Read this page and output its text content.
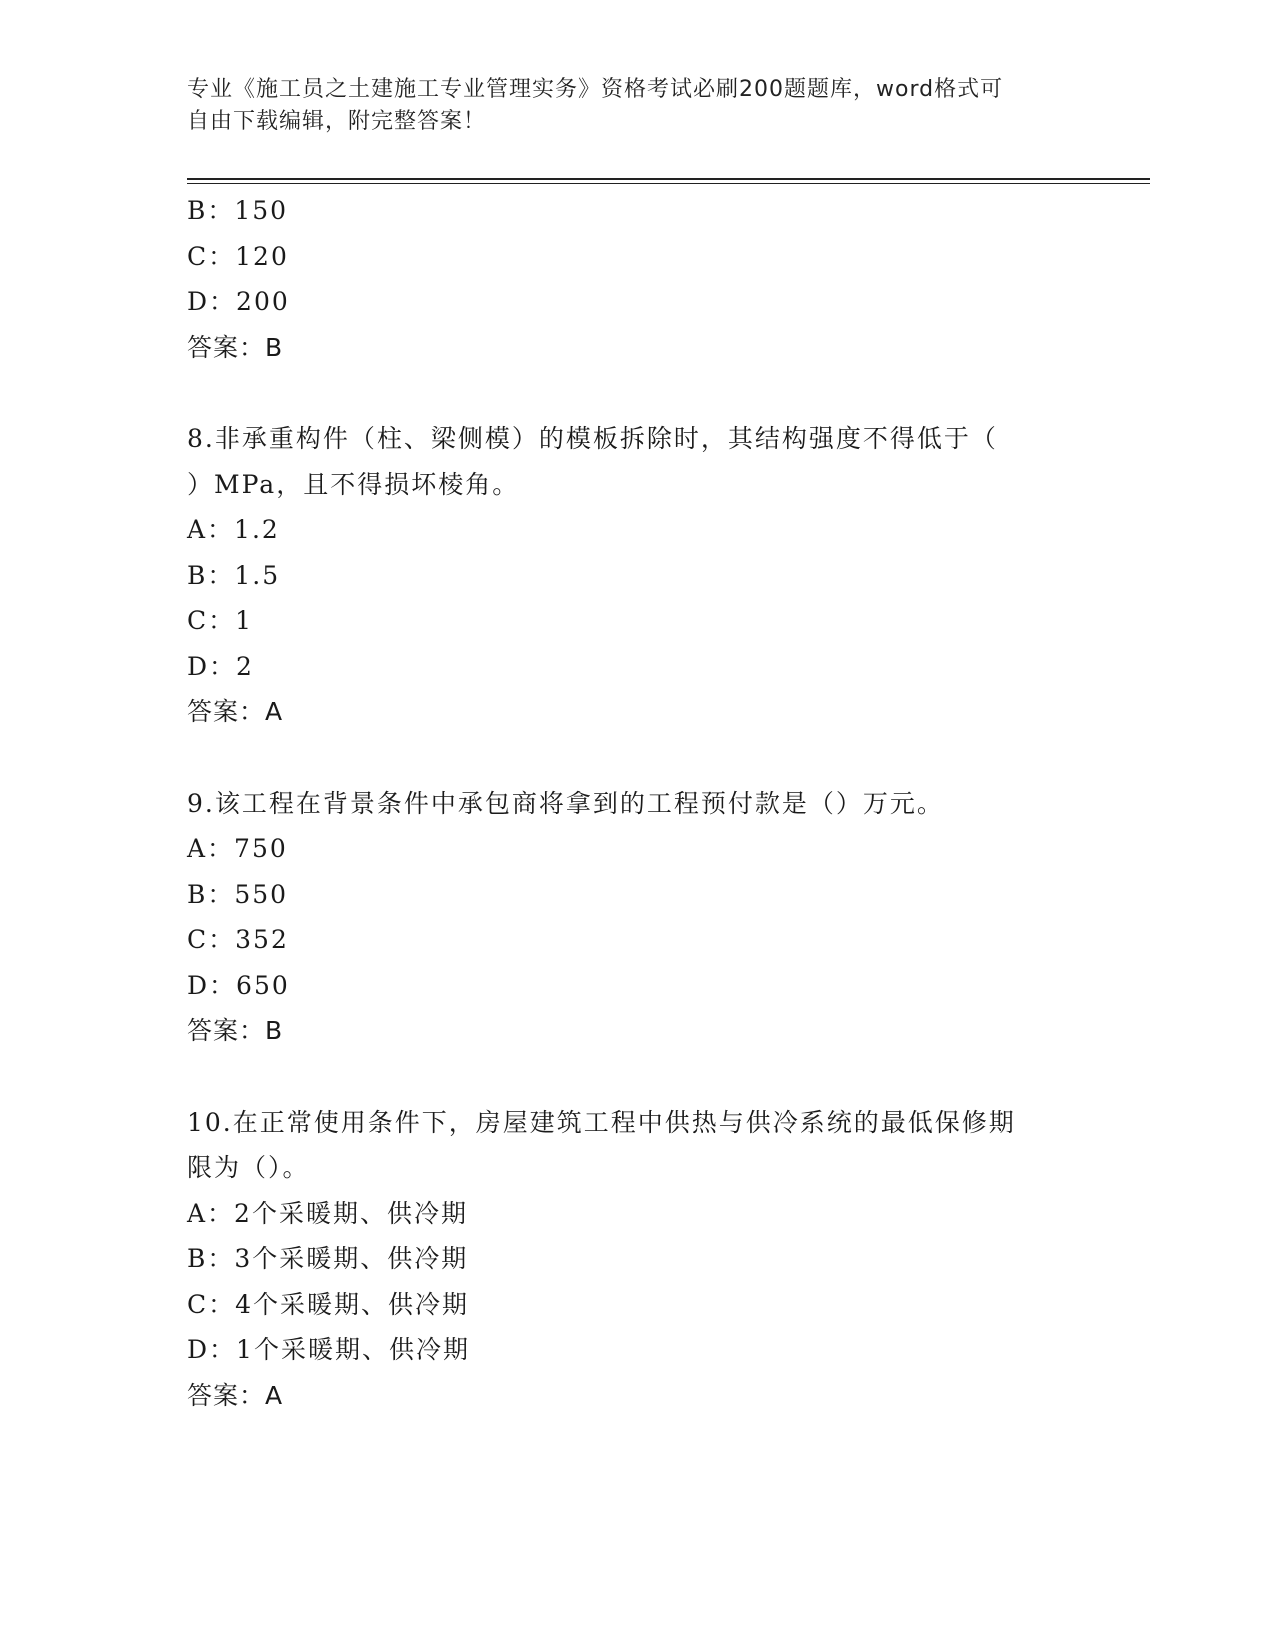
专业《施工员之土建施工专业管理实务》资格考试必刷200题题库，word格式可
自由下载编辑，附完整答案！
B：150
C：120
D：200
答案：B
8.非承重构件（柱、梁侧模）的模板拆除时，其结构强度不得低于（
）MPa，且不得损坏棱角。
A：1.2
B：1.5
C：1
D：2
答案：A
9.该工程在背景条件中承包商将拿到的工程预付款是（）万元。
A：750
B：550
C：352
D：650
答案：B
10.在正常使用条件下，房屋建筑工程中供热与供冷系统的最低保修期
限为（）。
A：2个采暖期、供冷期
B：3个采暖期、供冷期
C：4个采暖期、供冷期
D：1个采暖期、供冷期
答案：A
